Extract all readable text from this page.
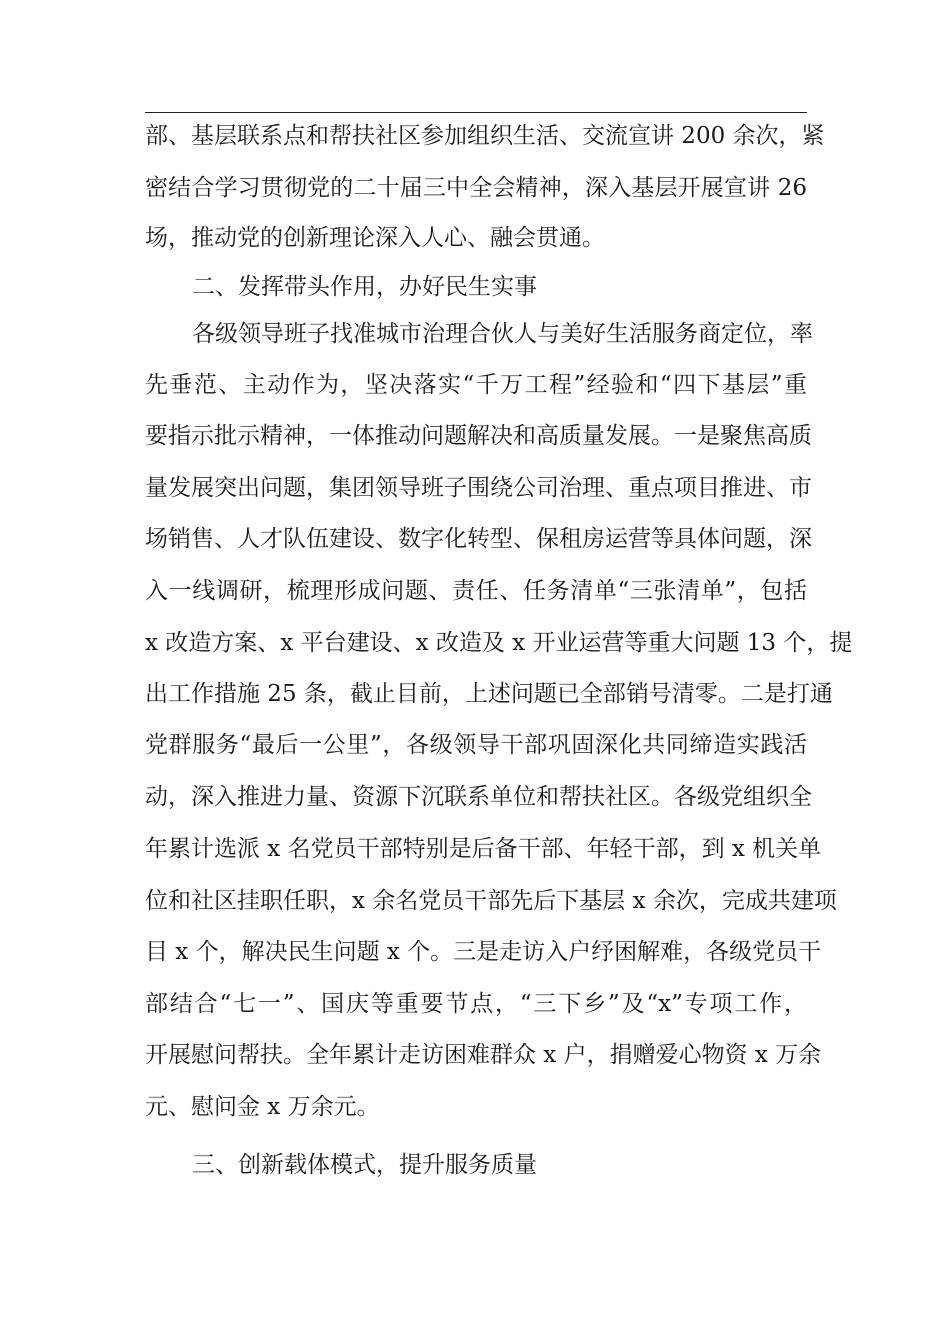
部、基层联系点和帮扶社区参加组织生活、交流宣讲 200 余次，紧
密结合学习贯彻党的二十届三中全会精神，深入基层开展宣讲 26
场，推动党的创新理论深入人心、融会贯通。
二、发挥带头作用，办好民生实事
各级领导班子找准城市治理合伙人与美好生活服务商定位，率
先垂范、主动作为，坚决落实“千万工程”经验和“四下基层”重
要指示批示精神，一体推动问题解决和高质量发展。一是聚焦高质
量发展突出问题，集团领导班子围绕公司治理、重点项目推进、市
场销售、人才队伍建设、数字化转型、保租房运营等具体问题，深
入一线调研，梳理形成问题、责任、任务清单“三张清单”，包括
x 改造方案、x 平台建设、x 改造及 x 开业运营等重大问题 13 个，提
出工作措施 25 条，截止目前，上述问题已全部销号清零。二是打通
党群服务“最后一公里”，各级领导干部巩固深化共同缔造实践活
动，深入推进力量、资源下沉联系单位和帮扶社区。各级党组织全
年累计选派 x 名党员干部特别是后备干部、年轻干部，到 x 机关单
位和社区挂职任职，x 余名党员干部先后下基层 x 余次，完成共建项
目 x 个，解决民生问题 x 个。三是走访入户纾困解难，各级党员干
部结合“七一”、国庆等重要节点，“三下乡”及“x”专项工作，
开展慰问帮扶。全年累计走访困难群众 x 户，捐赠爱心物资 x 万余
元、慰问金 x 万余元。
三、创新载体模式，提升服务质量
